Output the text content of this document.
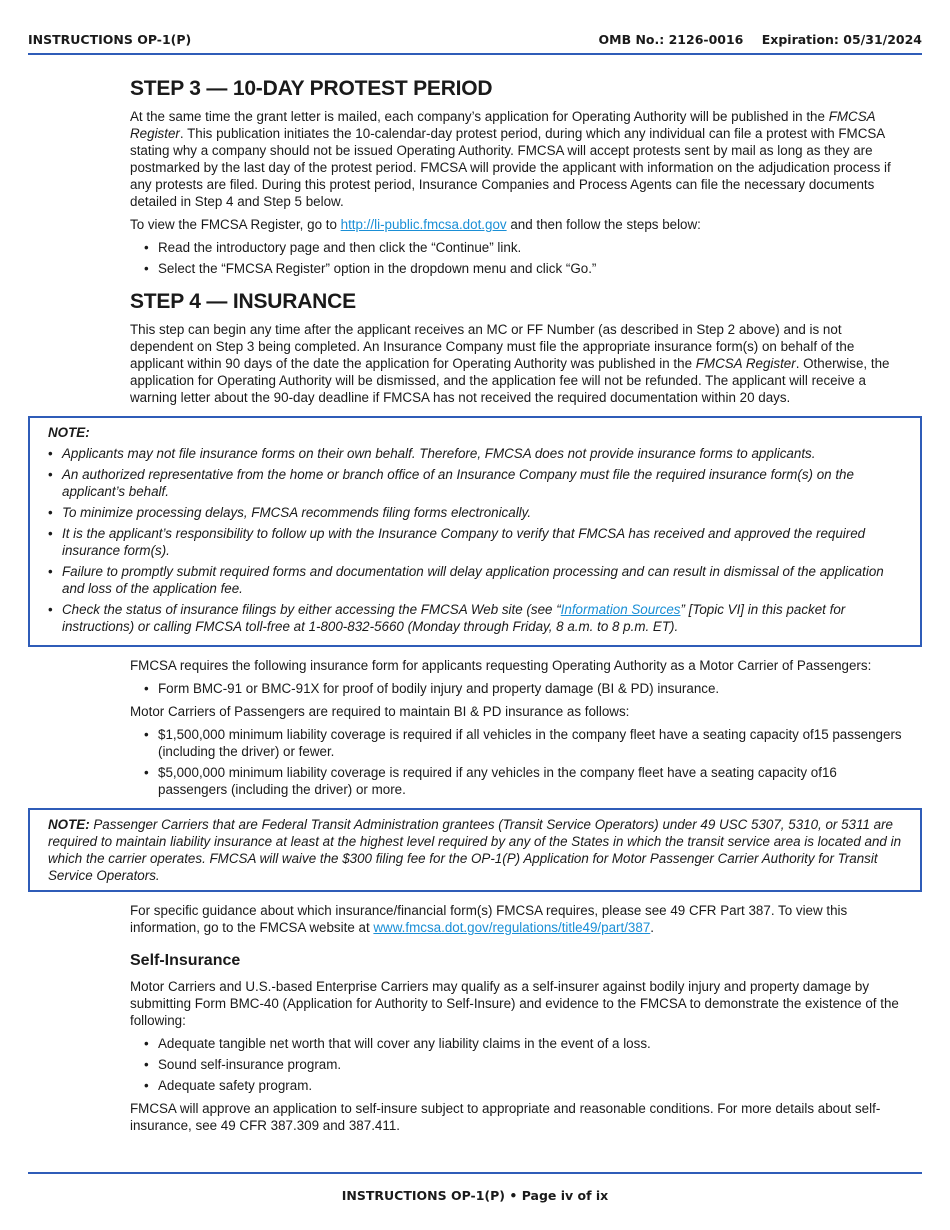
INSTRUCTIONS OP-1(P)	OMB No.: 2126-0016 Expiration: 05/31/2024
STEP 3 — 10-DAY PROTEST PERIOD

At the same time the grant letter is mailed, each company’s application for Operating Authority will be published in the FMCSA Register. This publication initiates the 10-calendar-day protest period, during which any individual can file a protest with FMCSA stating why a company should not be issued Operating Authority. FMCSA will accept protests sent by mail as long as they are postmarked by the last day of the protest period. FMCSA will provide the applicant with information on the adjudication process if any protests are filed. During this protest period, Insurance Companies and Process Agents can file the necessary documents detailed in Step 4 and Step 5 below.

To view the FMCSA Register, go to http://li-public.fmcsa.dot.gov and then follow the steps below:

• Read the introductory page and then click the “Continue” link.
• Select the “FMCSA Register” option in the dropdown menu and click “Go.”
STEP 4 — INSURANCE

This step can begin any time after the applicant receives an MC or FF Number (as described in Step 2 above) and is not dependent on Step 3 being completed. An Insurance Company must file the appropriate insurance form(s) on behalf of the applicant within 90 days of the date the application for Operating Authority was published in the FMCSA Register. Otherwise, the application for Operating Authority will be dismissed, and the application fee will not be refunded. The applicant will receive a warning letter about the 90-day deadline if FMCSA has not received the required documentation within 20 days.

NOTE:
• Applicants may not file insurance forms on their own behalf. Therefore, FMCSA does not provide insurance forms to applicants.
• An authorized representative from the home or branch office of an Insurance Company must file the required insurance form(s) on the applicant’s behalf.
• To minimize processing delays, FMCSA recommends filing forms electronically.
• It is the applicant’s responsibility to follow up with the Insurance Company to verify that FMCSA has received and approved the required insurance form(s).
• Failure to promptly submit required forms and documentation will delay application processing and can result in dismissal of the application and loss of the application fee.
• Check the status of insurance filings by either accessing the FMCSA Web site (see “Information Sources” [Topic VI] in this packet for instructions) or calling FMCSA toll-free at 1-800-832-5660 (Monday through Friday, 8 a.m. to 8 p.m. ET).

FMCSA requires the following insurance form for applicants requesting Operating Authority as a Motor Carrier of Passengers:

• Form BMC-91 or BMC-91X for proof of bodily injury and property damage (BI & PD) insurance.

Motor Carriers of Passengers are required to maintain BI & PD insurance as follows:

• $1,500,000 minimum liability coverage is required if all vehicles in the company fleet have a seating capacity of15 passengers (including the driver) or fewer.
• $5,000,000 minimum liability coverage is required if any vehicles in the company fleet have a seating capacity of16 passengers (including the driver) or more.

NOTE: Passenger Carriers that are Federal Transit Administration grantees (Transit Service Operators) under 49 USC 5307, 5310, or 5311 are required to maintain liability insurance at least at the highest level required by any of the States in which the transit service area is located and in which the carrier operates. FMCSA will waive the $300 filing fee for the OP-1(P) Application for Motor Passenger Carrier Authority for Transit Service Operators.

For specific guidance about which insurance/financial form(s) FMCSA requires, please see 49 CFR Part 387. To view this information, go to the FMCSA website at www.fmcsa.dot.gov/regulations/title49/part/387.

Self-Insurance

Motor Carriers and U.S.-based Enterprise Carriers may qualify as a self-insurer against bodily injury and property damage by submitting Form BMC-40 (Application for Authority to Self-Insure) and evidence to the FMCSA to demonstrate the existence of the following:

• Adequate tangible net worth that will cover any liability claims in the event of a loss.
• Sound self-insurance program.
• Adequate safety program.

FMCSA will approve an application to self-insure subject to appropriate and reasonable conditions. For more details about self-insurance, see 49 CFR 387.309 and 387.411.

INSTRUCTIONS OP-1(P) • Page iv of ix
